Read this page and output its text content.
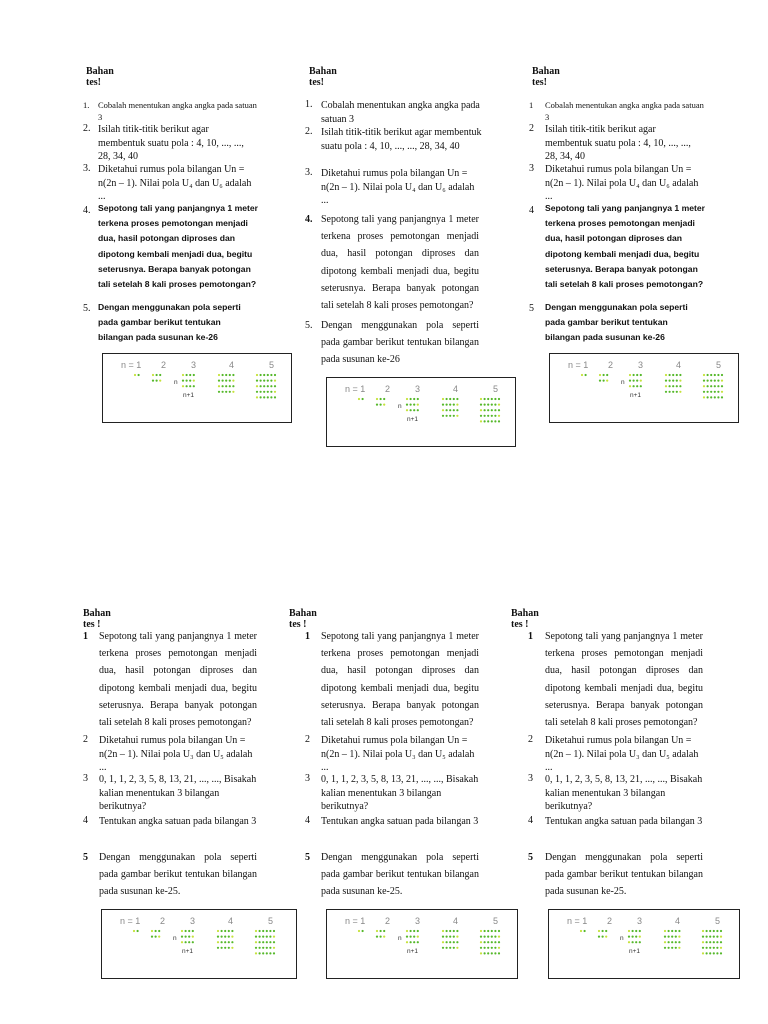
Bahan tes!
1. Cobalah menentukan angka angka pada satuan 3
2. Isilah titik-titik berikut agar membentuk suatu pola : 4, 10, ..., ..., 28, 34, 40
3. Diketahui rumus pola bilangan Un = n(2n – 1). Nilai pola U₄ dan U₆ adalah ...
4. Sepotong tali yang panjangnya 1 meter terkena proses pemotongan menjadi dua, hasil potongan diproses dan dipotong kembali menjadi dua, begitu seterusnya. Berapa banyak potongan tali setelah 8 kali proses pemotongan?
5. Dengan menggunakan pola seperti pada gambar berikut tentukan bilangan pada susunan ke-26
n = 1 2	3	4	5
n
n+1
Bahan tes!
1. Cobalah menentukan angka angka pada satuan 3
2. Isilah titik-titik berikut agar membentuk suatu pola : 4, 10, ..., ..., 28, 34, 40
3. Diketahui rumus pola bilangan Un = n(2n – 1). Nilai pola U₄ dan U₆ adalah ...
4. Sepotong tali yang panjangnya 1 meter terkena proses pemotongan menjadi dua, hasil potongan diproses dan dipotong kembali menjadi dua, begitu seterusnya. Berapa banyak potongan tali setelah 8 kali proses pemotongan?
5. Dengan menggunakan pola seperti pada gambar berikut tentukan bilangan pada susunan ke-26
n = 1 2	3	4	5
n
n+1
Bahan tes!
1 Cobalah menentukan angka angka pada satuan 3
2 Isilah titik-titik berikut agar membentuk suatu pola : 4, 10, ..., ..., 28, 34, 40
3 Diketahui rumus pola bilangan Un = n(2n – 1). Nilai pola U₄ dan U₆ adalah ...
4 Sepotong tali yang panjangnya 1 meter terkena proses pemotongan menjadi dua, hasil potongan diproses dan dipotong kembali menjadi dua, begitu seterusnya. Berapa banyak potongan tali setelah 8 kali proses pemotongan?
5 Dengan menggunakan pola seperti pada gambar berikut tentukan bilangan pada susunan ke-26
n = 1 2	3	4	5
n
n+1
Bahan tes !
1 Sepotong tali yang panjangnya 1 meter terkena proses pemotongan menjadi dua, hasil potongan diproses dan dipotong kembali menjadi dua, begitu seterusnya. Berapa banyak potongan tali setelah 8 kali proses pemotongan?
2 Diketahui rumus pola bilangan Un = n(2n – 1). Nilai pola U₃ dan U₅ adalah ...
3 0, 1, 1, 2, 3, 5, 8, 13, 21, ..., ..., Bisakah kalian menentukan 3 bilangan berikutnya?
4 Tentukan angka satuan pada bilangan 3
5 Dengan menggunakan pola seperti pada gambar berikut tentukan bilangan pada susunan ke-25.
n = 1 2	3	4	5
n
n+1
Bahan tes !
1 Sepotong tali yang panjangnya 1 meter terkena proses pemotongan menjadi dua, hasil potongan diproses dan dipotong kembali menjadi dua, begitu seterusnya. Berapa banyak potongan tali setelah 8 kali proses pemotongan?
2 Diketahui rumus pola bilangan Un = n(2n – 1). Nilai pola U₃ dan U₅ adalah ...
3 0, 1, 1, 2, 3, 5, 8, 13, 21, ..., ..., Bisakah kalian menentukan 3 bilangan berikutnya?
4 Tentukan angka satuan pada bilangan 3
5 Dengan menggunakan pola seperti pada gambar berikut tentukan bilangan pada susunan ke-25.
n = 1 2	3	4	5
n
n+1
Bahan tes !
1 Sepotong tali yang panjangnya 1 meter terkena proses pemotongan menjadi dua, hasil potongan diproses dan dipotong kembali menjadi dua, begitu seterusnya. Berapa banyak potongan tali setelah 8 kali proses pemotongan?
2 Diketahui rumus pola bilangan Un = n(2n – 1). Nilai pola U₃ dan U₅ adalah ...
3 0, 1, 1, 2, 3, 5, 8, 13, 21, ..., ..., Bisakah kalian menentukan 3 bilangan berikutnya?
4 Tentukan angka satuan pada bilangan 3
5 Dengan menggunakan pola seperti pada gambar berikut tentukan bilangan pada susunan ke-25.
n = 1 2	3	4	5
n
n+1
